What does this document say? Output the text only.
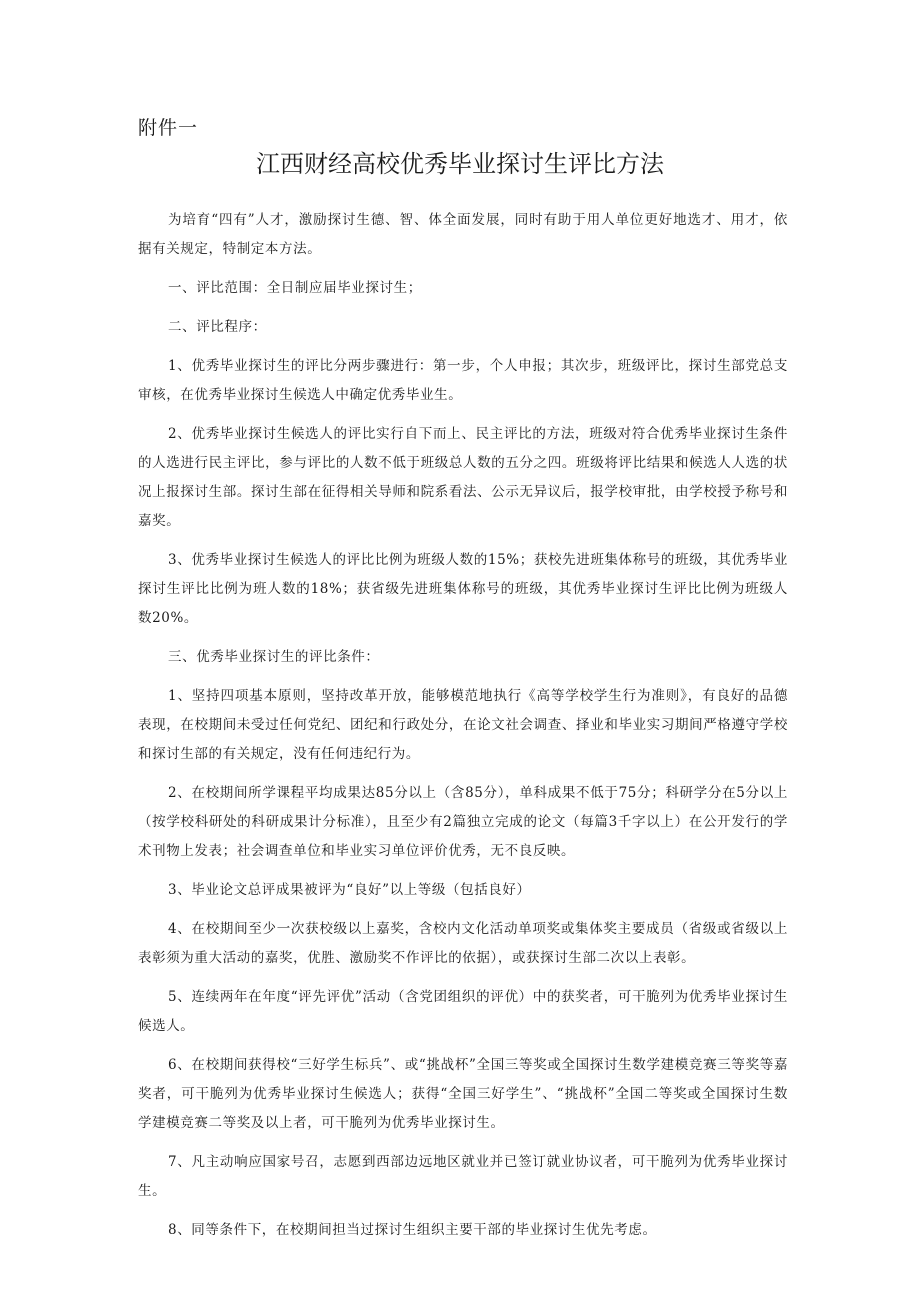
附件一
江西财经高校优秀毕业探讨生评比方法

为培育“四有”人才，激励探讨生德、智、体全面发展，同时有助于用人单位更好地选才、用才，依据有关规定，特制定本方法。

一、评比范围：全日制应届毕业探讨生；

二、评比程序：

1、优秀毕业探讨生的评比分两步骤进行：第一步，个人申报；其次步，班级评比，探讨生部党总支审核，在优秀毕业探讨生候选人中确定优秀毕业生。

2、优秀毕业探讨生候选人的评比实行自下而上、民主评比的方法，班级对符合优秀毕业探讨生条件的人选进行民主评比，参与评比的人数不低于班级总人数的五分之四。班级将评比结果和候选人人选的状况上报探讨生部。探讨生部在征得相关导师和院系看法、公示无异议后，报学校审批，由学校授予称号和嘉奖。

3、优秀毕业探讨生候选人的评比比例为班级人数的15%；获校先进班集体称号的班级，其优秀毕业探讨生评比比例为班人数的18%；获省级先进班集体称号的班级，其优秀毕业探讨生评比比例为班级人数20%。

三、优秀毕业探讨生的评比条件：

1、坚持四项基本原则，坚持改革开放，能够模范地执行《高等学校学生行为准则》，有良好的品德表现，在校期间未受过任何党纪、团纪和行政处分，在论文社会调查、择业和毕业实习期间严格遵守学校和探讨生部的有关规定，没有任何违纪行为。

2、在校期间所学课程平均成果达85分以上（含85分），单科成果不低于75分；科研学分在5分以上（按学校科研处的科研成果计分标准），且至少有2篇独立完成的论文（每篇3千字以上）在公开发行的学术刊物上发表；社会调查单位和毕业实习单位评价优秀，无不良反映。

3、毕业论文总评成果被评为“良好”以上等级（包括良好）

4、在校期间至少一次获校级以上嘉奖，含校内文化活动单项奖或集体奖主要成员（省级或省级以上表彰须为重大活动的嘉奖，优胜、激励奖不作评比的依据），或获探讨生部二次以上表彰。

5、连续两年在年度“评先评优”活动（含党团组织的评优）中的获奖者，可干脆列为优秀毕业探讨生候选人。

6、在校期间获得校“三好学生标兵”、或“挑战杯”全国三等奖或全国探讨生数学建模竞赛三等奖等嘉奖者，可干脆列为优秀毕业探讨生候选人；获得“全国三好学生”、“挑战杯”全国二等奖或全国探讨生数学建模竞赛二等奖及以上者，可干脆列为优秀毕业探讨生。

7、凡主动响应国家号召，志愿到西部边远地区就业并已签订就业协议者，可干脆列为优秀毕业探讨生。

8、同等条件下，在校期间担当过探讨生组织主要干部的毕业探讨生优先考虑。
